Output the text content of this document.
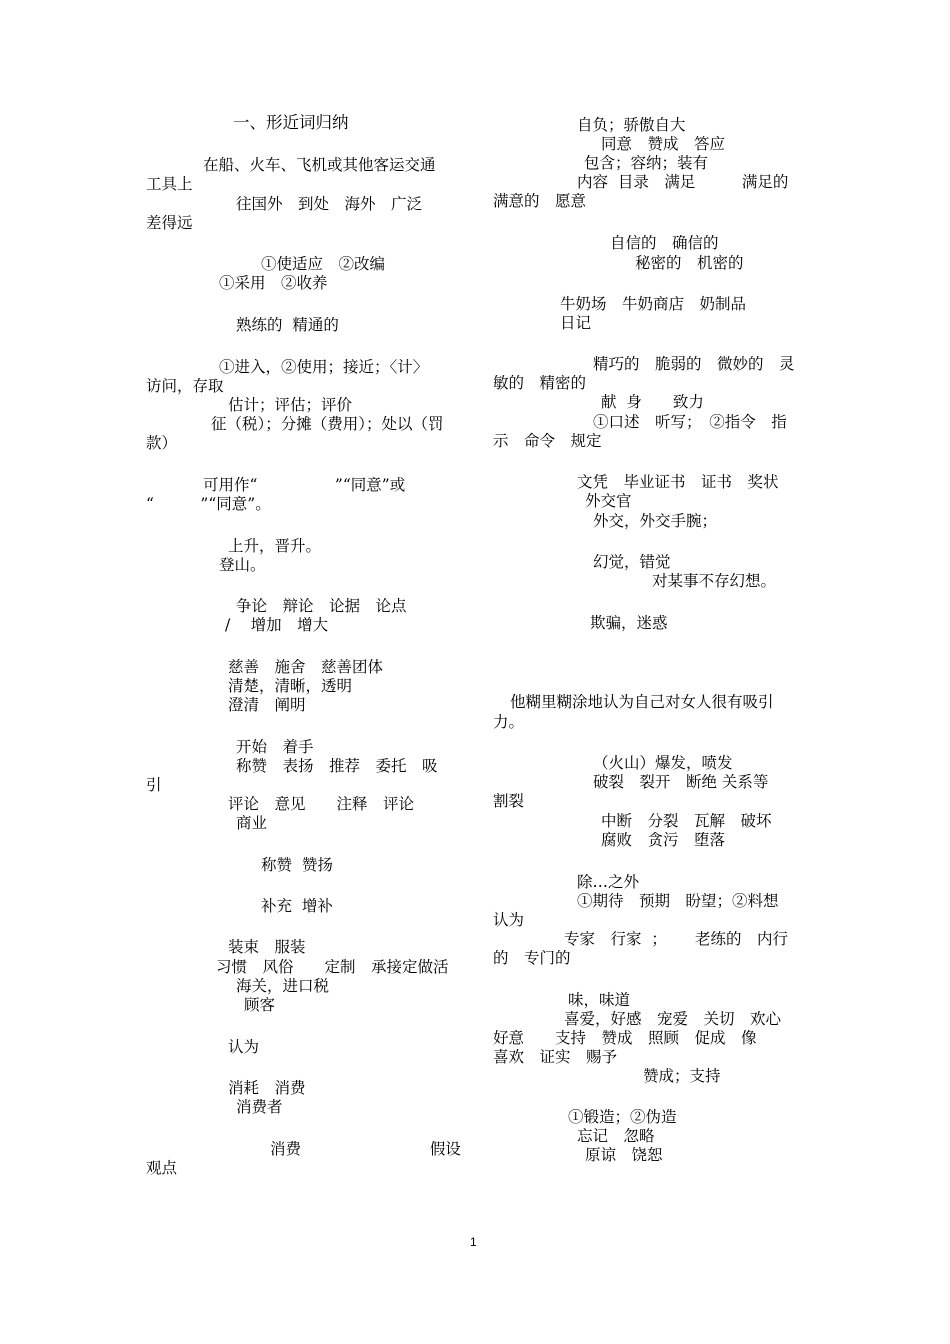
一、形近词归纳
在船、火车、飞机或其他客运交通
工具上
往国外　到处　海外　广泛
差得远
①使适应　②改编
①采用　②收养
熟练的  精通的
①进入，②使用；接近；〈计〉
访问，存取
估计；评估；评价
征（税）；分摊（费用）；处以（罚
款）
可用作“　　　　　”“同意”或
“　　　”“同意”。
上升，晋升。
登山。
争论　辩论　论据　论点
/　 增加　增大
慈善　施舍　慈善团体
清楚，清晰，透明
澄清　阐明
开始　着手
称赞　表扬　推荐　委托　吸
引
评论　意见　　注释　评论
商业
称赞  赞扬
补充  增补
装束　服装
习惯　风俗　　定制　承接定做活
海关，进口税
顾客
认为
消耗　消费
消费者
消费　　　　　　　　 假设
观点
自负；骄傲自大
同意　赞成　答应
包含；容纳；装有
内容  目录　满足　　　满足的
满意的　愿意
自信的　确信的
秘密的　机密的
牛奶场　牛奶商店　奶制品
日记
精巧的　脆弱的　微妙的　灵
敏的　精密的
献  身　　致力
①口述　听写；　②指令　指
示　命令　规定
文凭　毕业证书　证书　奖状
外交官
外交，外交手腕；
幻觉，错觉
对某事不存幻想。
欺骗，迷惑
他糊里糊涂地认为自己对女人很有吸引
力。
（火山）爆发，喷发
破裂　裂开　断绝 关系等
割裂
中断　分裂　瓦解　破坏
腐败　贪污　堕落
除…之外
①期待　预期　盼望；②料想
认为
专家　行家  ；　　 老练的　内行
的　专门的
味，味道
喜爱，好感　宠爱　关切　欢心
好意　　支持　赞成　照顾　促成　像
喜欢　证实　赐予
赞成；支持
①锻造；②伪造
忘记　忽略
原谅　饶恕
1
